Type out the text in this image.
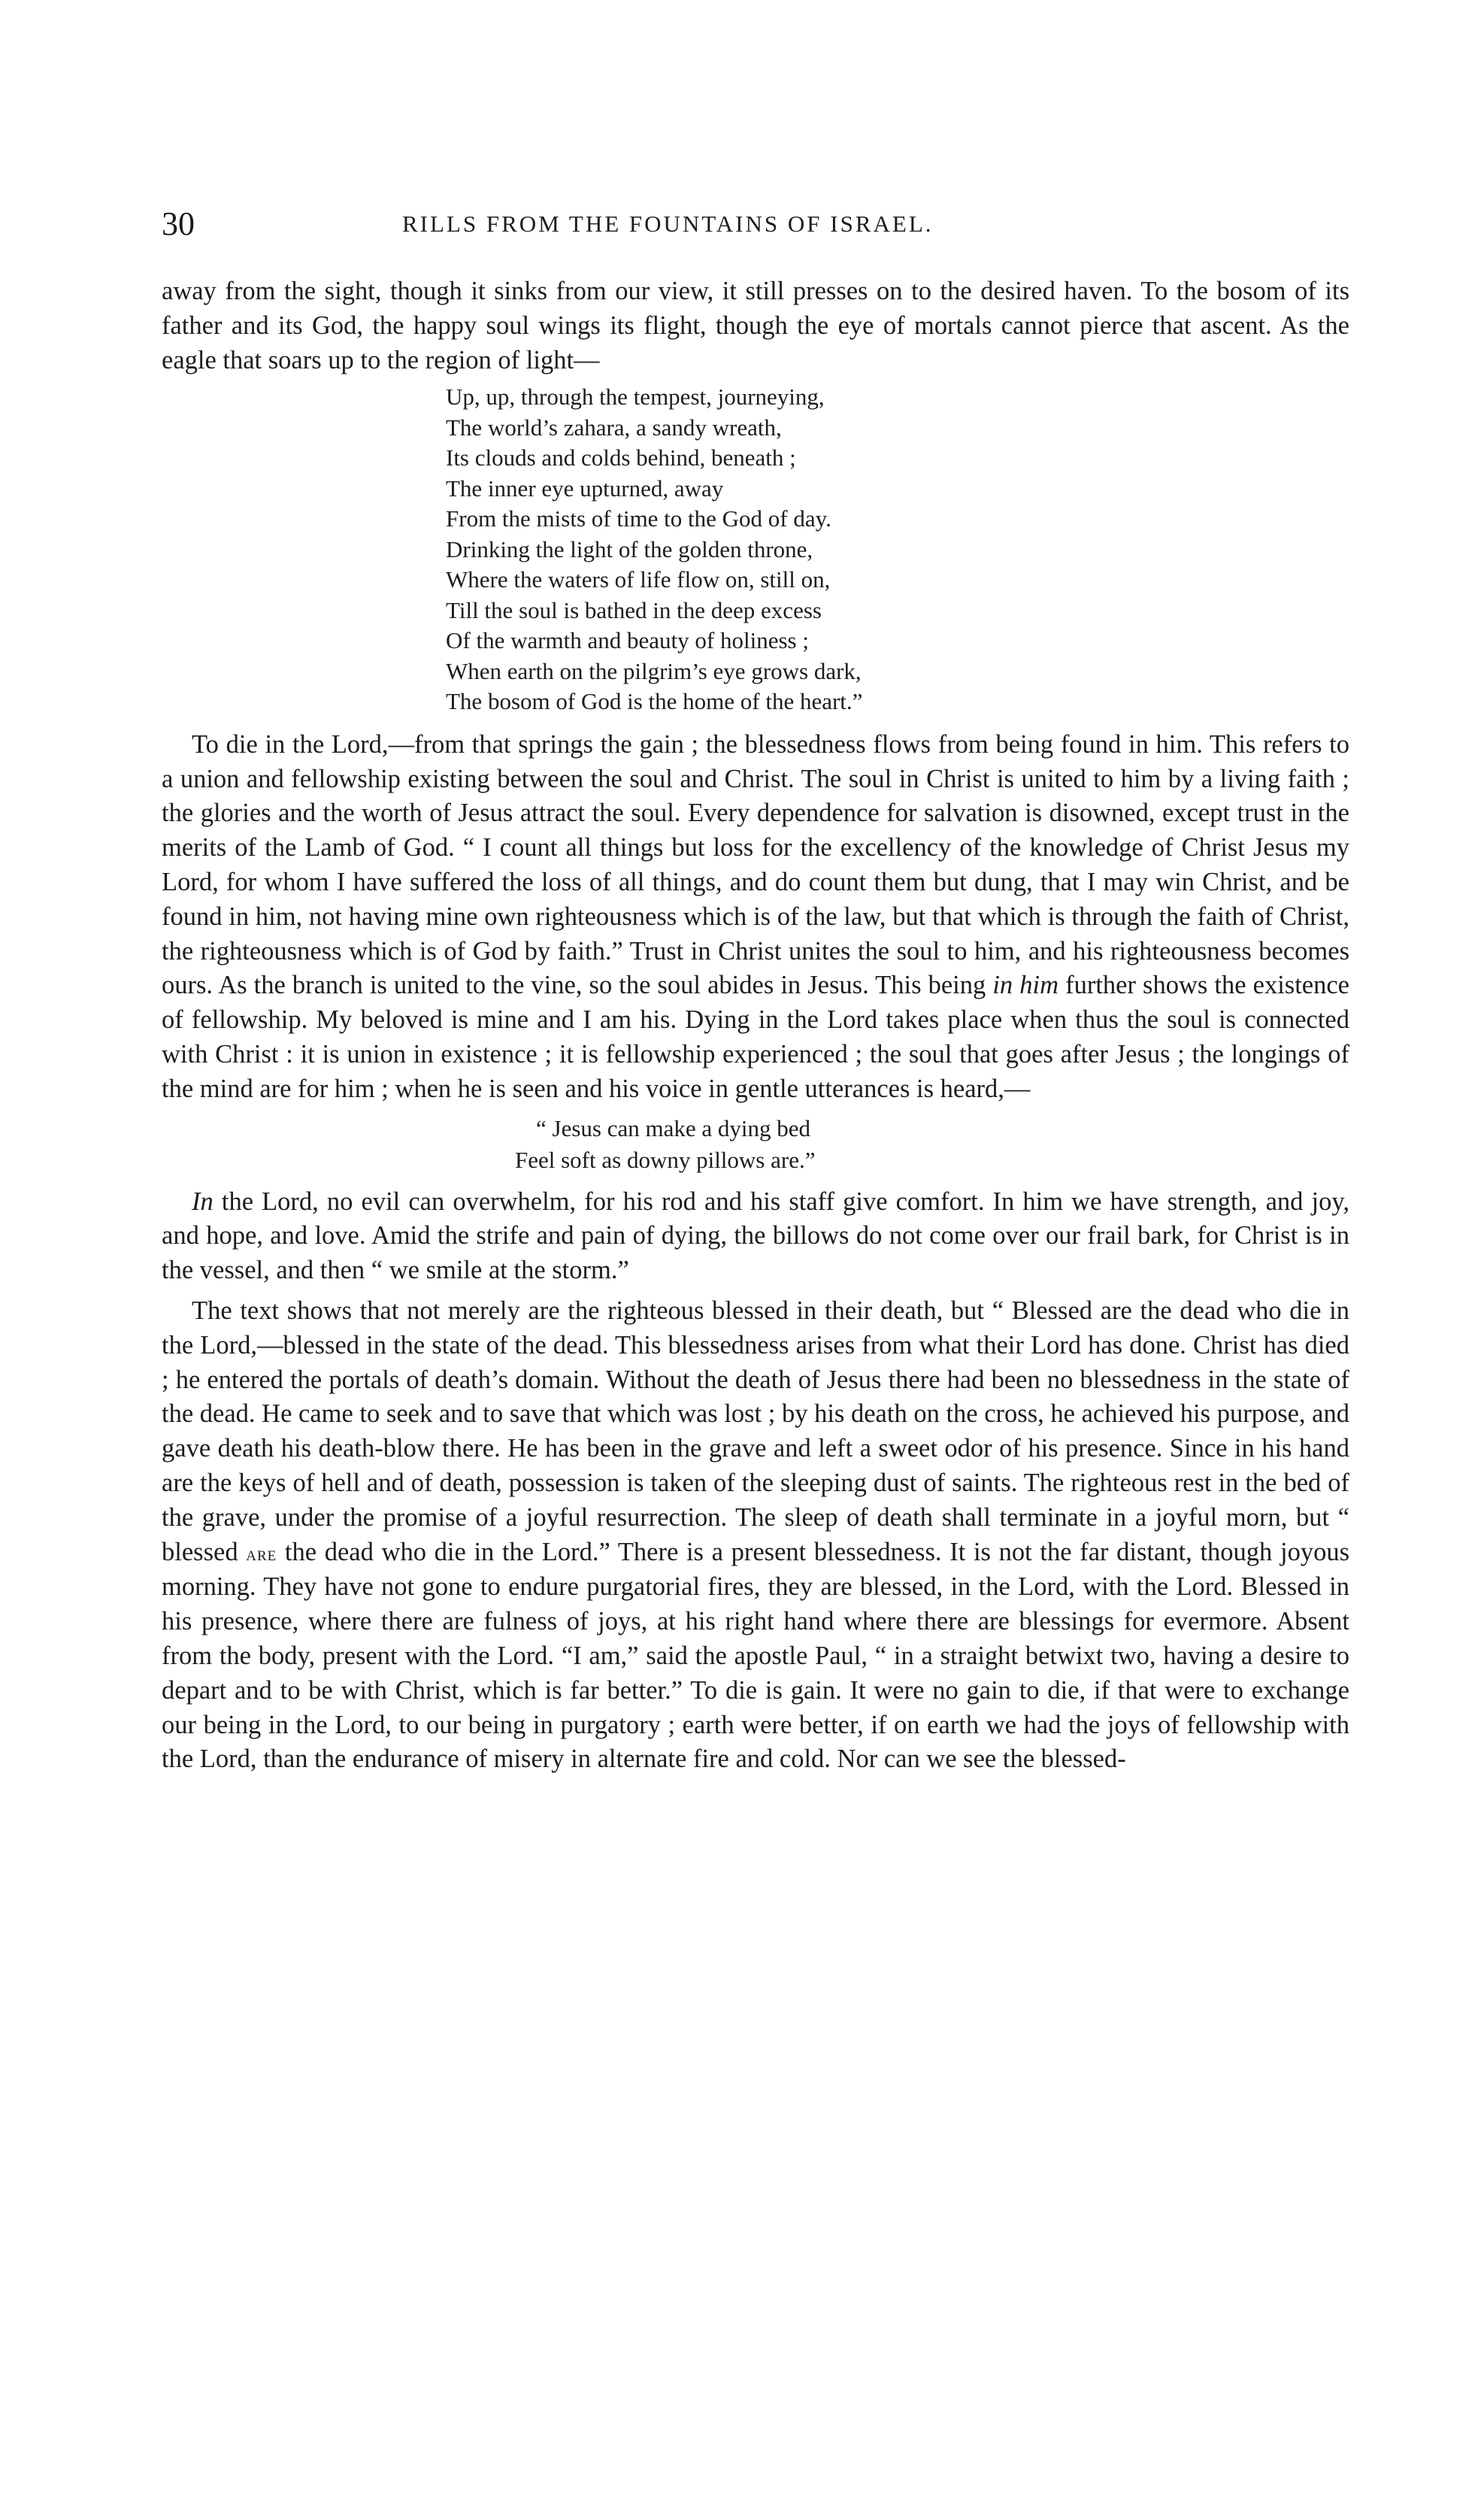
30	RILLS FROM THE FOUNTAINS OF ISRAEL.

away from the sight, though it sinks from our view, it still presses on to the desired haven. To the bosom of its father and its God, the happy soul wings its flight, though the eye of mortals cannot pierce that ascent. As the eagle that soars up to the region of light—

Up, up, through the tempest, journeying,
The world’s zahara, a sandy wreath,
Its clouds and colds behind, beneath ;
The inner eye upturned, away
From the mists of time to the God of day.
Drinking the light of the golden throne,
Where the waters of life flow on, still on,
Till the soul is bathed in the deep excess
Of the warmth and beauty of holiness ;
When earth on the pilgrim’s eye grows dark,
The bosom of God is the home of the heart.”

To die in the Lord,—from that springs the gain ; the blessedness flows from being found in him. This refers to a union and fellowship existing between the soul and Christ. The soul in Christ is united to him by a living faith ; the glories and the worth of Jesus attract the soul. Every dependence for salvation is disowned, except trust in the merits of the Lamb of God. “ I count all things but loss for the excellency of the knowledge of Christ Jesus my Lord, for whom I have suffered the loss of all things, and do count them but dung, that I may win Christ, and be found in him, not having mine own righteousness which is of the law, but that which is through the faith of Christ, the righteousness which is of God by faith.” Trust in Christ unites the soul to him, and his righteousness becomes ours. As the branch is united to the vine, so the soul abides in Jesus. This being in him further shows the existence of fellowship. My beloved is mine and I am his. Dying in the Lord takes place when thus the soul is connected with Christ : it is union in existence ; it is fellowship experienced ; the soul that goes after Jesus ; the longings of the mind are for him ; when he is seen and his voice in gentle utterances is heard,—

“ Jesus can make a dying bed
Feel soft as downy pillows are.”

In the Lord, no evil can overwhelm, for his rod and his staff give comfort. In him we have strength, and joy, and hope, and love. Amid the strife and pain of dying, the billows do not come over our frail bark, for Christ is in the vessel, and then “ we smile at the storm.”

The text shows that not merely are the righteous blessed in their death, but “ Blessed are the dead who die in the Lord,—blessed in the state of the dead. This blessedness arises from what their Lord has done. Christ has died ; he entered the portals of death’s domain. Without the death of Jesus there had been no blessedness in the state of the dead. He came to seek and to save that which was lost ; by his death on the cross, he achieved his purpose, and gave death his death-blow there. He has been in the grave and left a sweet odor of his presence. Since in his hand are the keys of hell and of death, possession is taken of the sleeping dust of saints. The righteous rest in the bed of the grave, under the promise of a joyful resurrection. The sleep of death shall terminate in a joyful morn, but “ blessed are the dead who die in the Lord.” There is a present blessedness. It is not the far distant, though joyous morning. They have not gone to endure purgatorial fires, they are blessed, in the Lord, with the Lord. Blessed in his presence, where there are fulness of joys, at his right hand where there are blessings for evermore. Absent from the body, present with the Lord. “I am,” said the apostle Paul, “ in a straight betwixt two, having a desire to depart and to be with Christ, which is far better.” To die is gain. It were no gain to die, if that were to exchange our being in the Lord, to our being in purgatory ; earth were better, if on earth we had the joys of fellowship with the Lord, than the endurance of misery in alternate fire and cold. Nor can we see the blessed-
